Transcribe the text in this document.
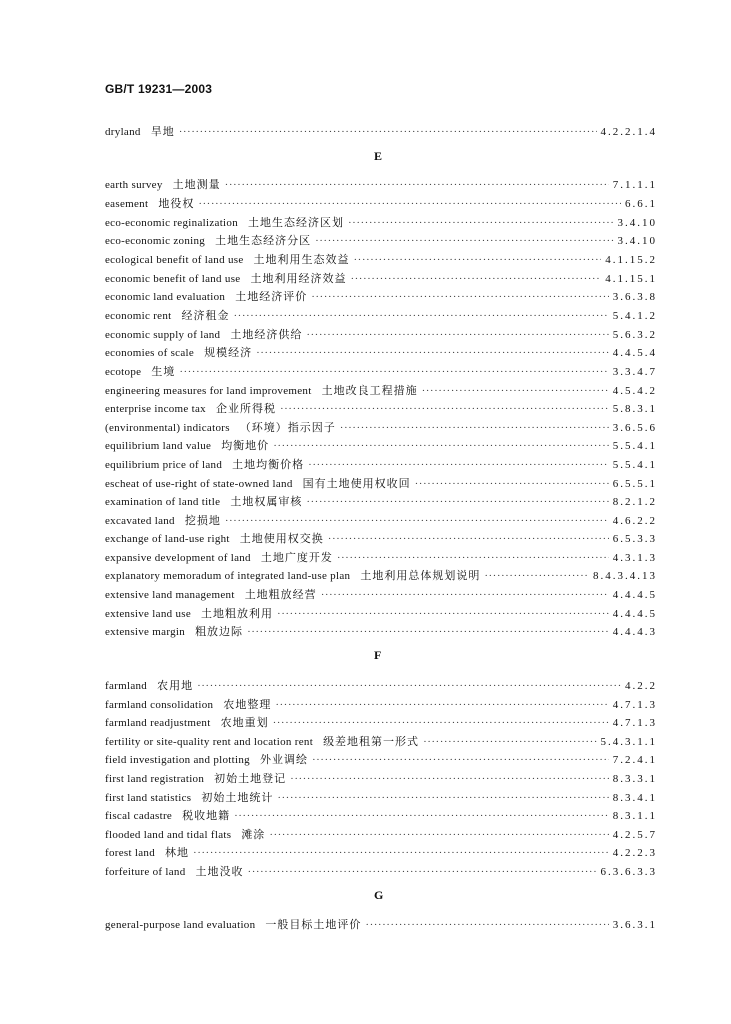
GB/T 19231—2003
dryland 旱地 ·····	4.2.2.1.4
E
earth survey 土地测量 ·····	7.1.1.1
easement 地役权 ·····	6.6.1
eco-economic reginalization 土地生态经济区划 ·····	3.4.10
eco-economic zoning 土地生态经济分区 ·····	3.4.10
ecological benefit of land use 土地利用生态效益 ·····	4.1.15.2
economic benefit of land use 土地利用经济效益 ·····	4.1.15.1
economic land evaluation 土地经济评价 ·····	3.6.3.8
economic rent 经济租金 ·····	5.4.1.2
economic supply of land 土地经济供给 ·····	5.6.3.2
economies of scale 规模经济 ·····	4.4.5.4
ecotope 生境 ·····	3.3.4.7
engineering measures for land improvement 土地改良工程措施 ·····	4.5.4.2
enterprise income tax 企业所得税 ·····	5.8.3.1
(environmental) indicators （环境）指示因子 ·····	3.6.5.6
equilibrium land value 均衡地价 ·····	5.5.4.1
equilibrium price of land 土地均衡价格 ·····	5.5.4.1
escheat of use-right of state-owned land 国有土地使用权收回 ·····	6.5.5.1
examination of land title 土地权属审核 ·····	8.2.1.2
excavated land 挖损地 ·····	4.6.2.2
exchange of land-use right 土地使用权交换 ·····	6.5.3.3
expansive development of land 土地广度开发 ·····	4.3.1.3
explanatory memoradum of integrated land-use plan 土地利用总体规划说明 ·····	8.4.3.4.13
extensive land management 土地粗放经营 ·····	4.4.4.5
extensive land use 土地粗放利用 ·····	4.4.4.5
extensive margin 粗放边际 ·····	4.4.4.3
F
farmland 农用地 ·····	4.2.2
farmland consolidation 农地整理 ·····	4.7.1.3
farmland readjustment 农地重划 ·····	4.7.1.3
fertility or site-quality rent and location rent 级差地租第一形式 ·····	5.4.3.1.1
field investigation and plotting 外业调绘 ·····	7.2.4.1
first land registration 初始土地登记 ·····	8.3.3.1
first land statistics 初始土地统计 ·····	8.3.4.1
fiscal cadastre 税收地籍 ·····	8.3.1.1
flooded land and tidal flats 滩涂 ·····	4.2.5.7
forest land 林地 ·····	4.2.2.3
forfeiture of land 土地没收 ·····	6.3.6.3.3
G
general-purpose land evaluation 一般目标土地评价 ·····	3.6.3.1
